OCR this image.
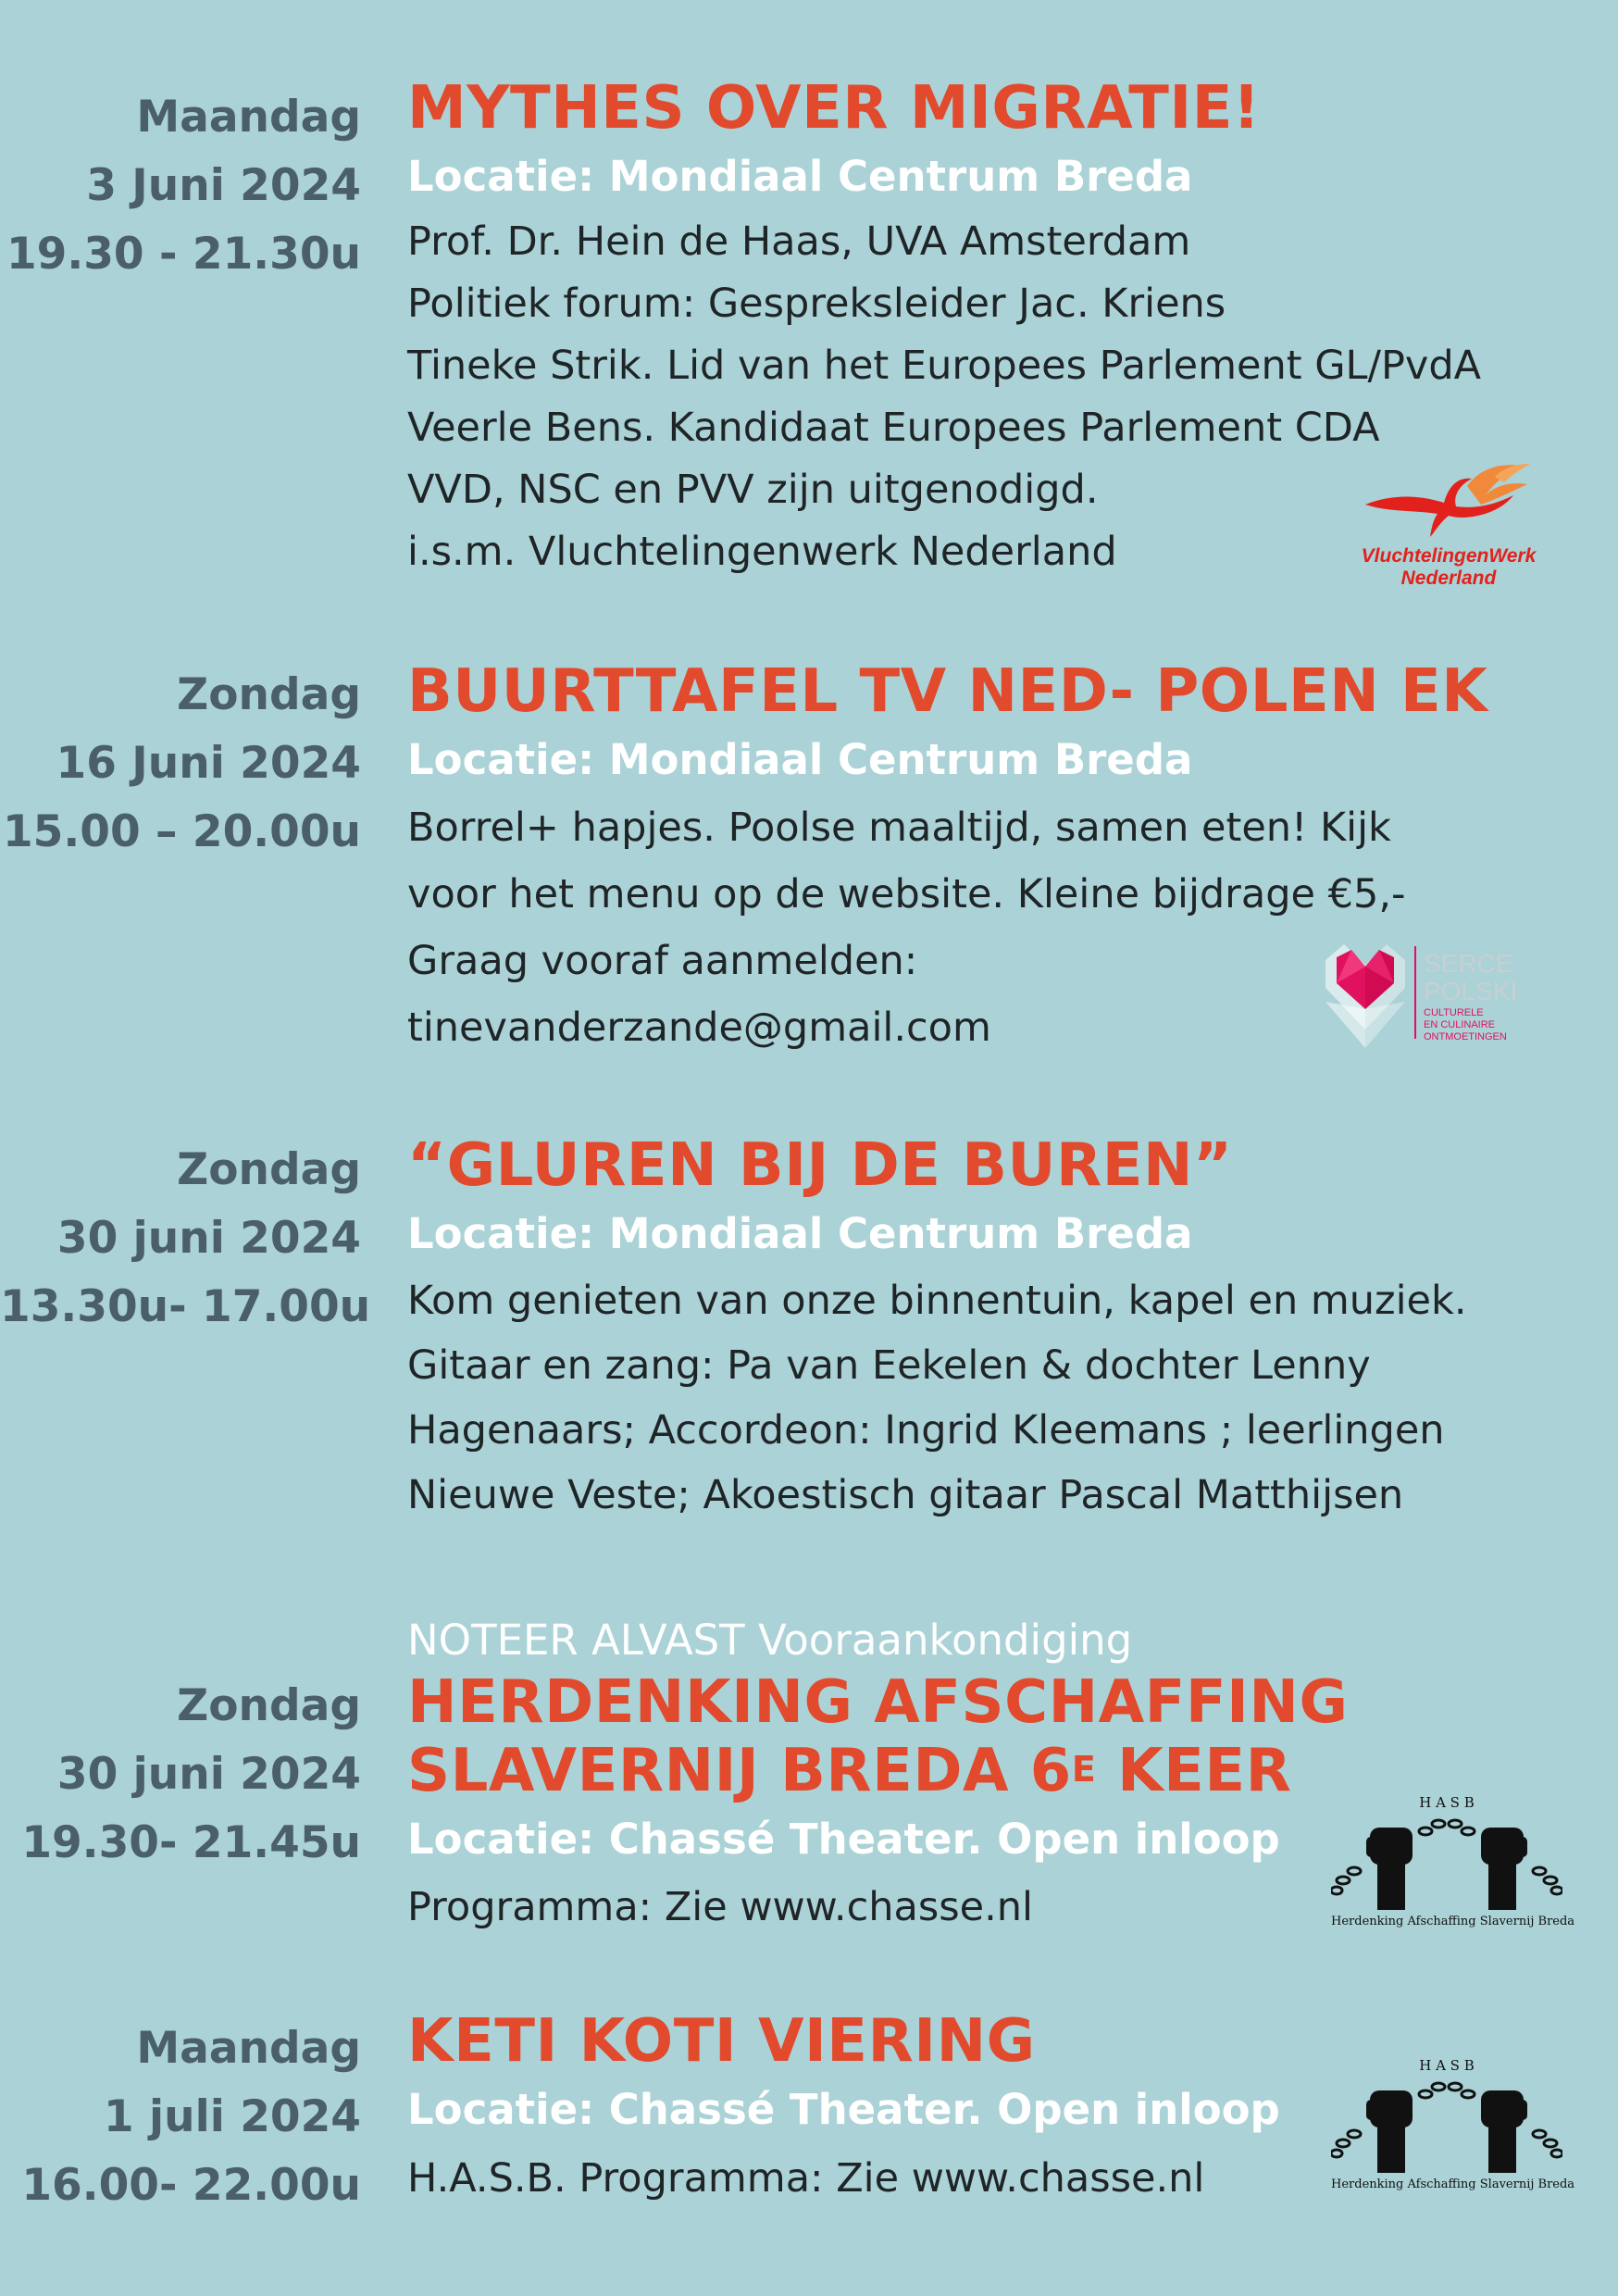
Maandag
3 Juni 2024
19.30 - 21.30u
MYTHES OVER MIGRATIE!
Locatie: Mondiaal Centrum Breda
Prof. Dr. Hein de Haas, UVA Amsterdam
Politiek forum: Gespreksleider Jac. Kriens
Tineke Strik. Lid van het Europees Parlement GL/PvdA
Veerle Bens. Kandidaat Europees Parlement CDA
VVD, NSC en PVV zijn uitgenodigd.
i.s.m. Vluchtelingenwerk Nederland	VluchtelingenWerk
Nederland
Zondag
16 Juni 2024
15.00 – 20.00u
BUURTTAFEL TV NED- POLEN EK
Locatie: Mondiaal Centrum Breda
Borrel+ hapjes. Poolse maaltijd, samen eten! Kijk
voor het menu op de website. Kleine bijdrage €5,-
Graag vooraf aanmelden:
tinevanderzande@gmail.com
SERCE
POLSKI
CULTURELE
EN CULINAIRE
ONTMOETINGEN
Zondag
30 juni 2024
13.30u- 17.00u
“GLUREN BIJ DE BUREN”
Locatie: Mondiaal Centrum Breda
Kom genieten van onze binnentuin, kapel en muziek.
Gitaar en zang: Pa van Eekelen & dochter Lenny
Hagenaars; Accordeon: Ingrid Kleemans ; leerlingen
Nieuwe Veste; Akoestisch gitaar Pascal Matthijsen
NOTEER ALVAST Vooraankondiging
HERDENKING AFSCHAFFING
SLAVERNIJ BREDA $6^E$ KEER
Locatie: Chassé Theater. Open inloop
Programma: Zie www.chasse.nl
Zondag
30 juni 2024
19.30- 21.45u
H A S B
Herdenking Afschaffing Slavernij Breda
Maandag
1 juli 2024
16.00- 22.00u
KETI KOTI VIERING
Locatie: Chassé Theater. Open inloop
H.A.S.B. Programma: Zie www.chasse.nl
H A S B
Herdenking Afschaffing Slavernij Breda
